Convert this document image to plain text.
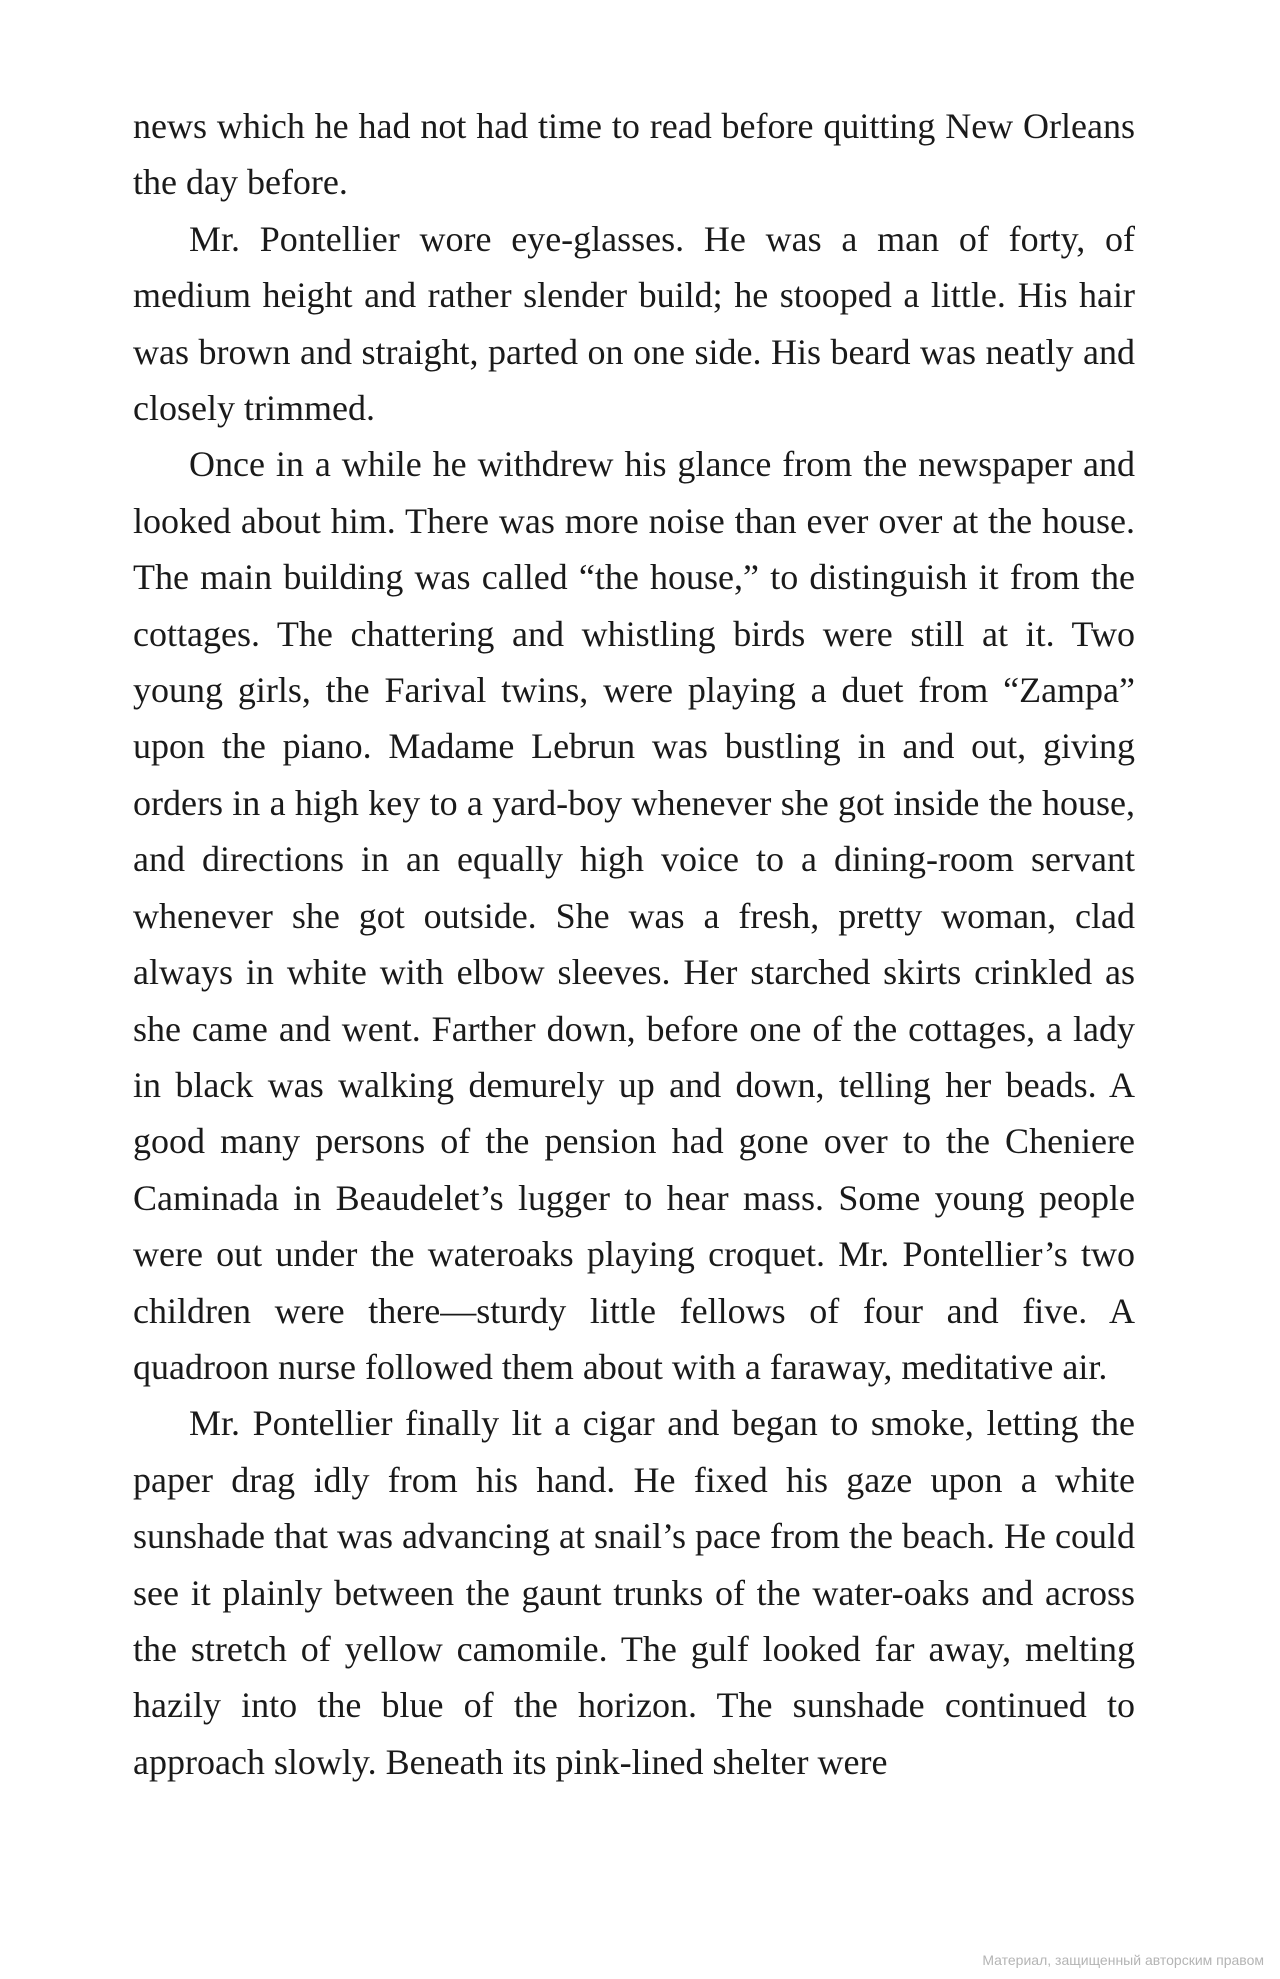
news which he had not had time to read before quitting New Orleans the day before.

Mr. Pontellier wore eye-glasses. He was a man of forty, of medium height and rather slender build; he stooped a little. His hair was brown and straight, parted on one side. His beard was neatly and closely trimmed.

Once in a while he withdrew his glance from the newspaper and looked about him. There was more noise than ever over at the house. The main building was called “the house,” to distinguish it from the cottages. The chattering and whistling birds were still at it. Two young girls, the Farival twins, were playing a duet from “Zampa” upon the piano. Madame Lebrun was bustling in and out, giving orders in a high key to a yard-boy whenever she got inside the house, and directions in an equally high voice to a dining-room servant whenever she got outside. She was a fresh, pretty woman, clad always in white with elbow sleeves. Her starched skirts crinkled as she came and went. Farther down, before one of the cottages, a lady in black was walking demurely up and down, telling her beads. A good many persons of the pension had gone over to the Cheniere Caminada in Beaudelet’s lugger to hear mass. Some young people were out under the wateroaks playing croquet. Mr. Pontellier’s two children were there—sturdy little fellows of four and five. A quadroon nurse followed them about with a faraway, meditative air.

Mr. Pontellier finally lit a cigar and began to smoke, letting the paper drag idly from his hand. He fixed his gaze upon a white sunshade that was advancing at snail’s pace from the beach. He could see it plainly between the gaunt trunks of the water-oaks and across the stretch of yellow camomile. The gulf looked far away, melting hazily into the blue of the horizon. The sunshade continued to approach slowly. Beneath its pink-lined shelter were

Материал, защищенный авторским правом
